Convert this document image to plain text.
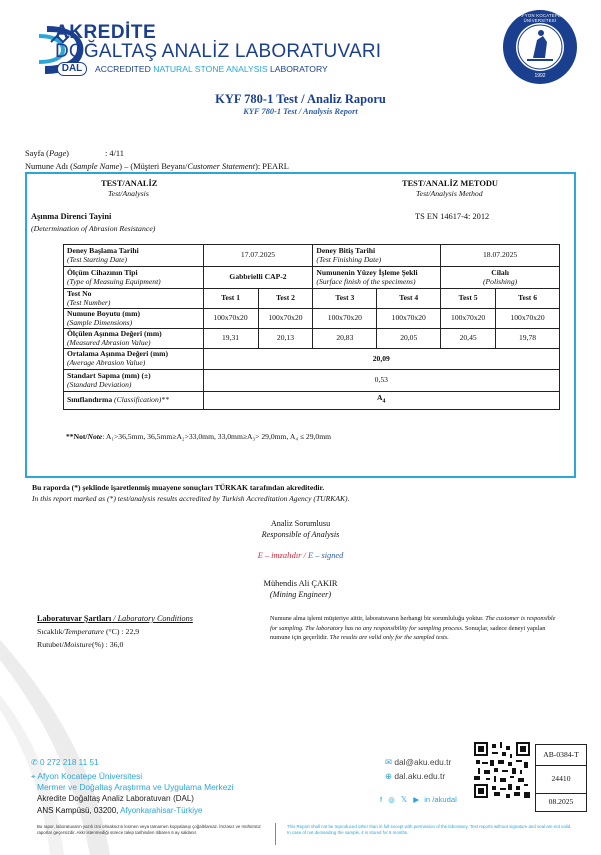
DAL
AKREDİTE
DOĞALTAŞ ANALİZ LABORATUVARI
ACCREDITED NATURAL STONE ANALYSIS LABORATORY
AFYON KOCATEPE ÜNİVERSİTESİ
1992
KYF 780-1 Test / Analiz Raporu
KYF 780-1 Test / Analysis Report
Sayfa (Page)	: 4/11
Numune Adı (Sample Name) – (Müşteri Beyanı/Customer Statement): PEARL
TEST/ANALİZ
Test/Analysis
TEST/ANALİZ METODU
Test/Analysis Method
Aşınma Direnci Tayini
(Determination of Abrasion Resistance)
TS EN 14617-4: 2012
Deney Başlama Tarihi
(Test Starting Date)	17.07.2025		Deney Bitiş Tarihi
(Test Finishing Date)		18.07.2025	
Ölçüm Cihazının Tipi
(Type of Measuing Equipment)	Gabbrielli CAP-2		Numunenin Yüzey İşleme Şekli
(Surface finish of the specimens)		Cilalı
(Polishing)	
Test No
(Test Number)	Test 1	Test 2	Test 3	Test 4	Test 5	Test 6
Numune Boyutu (mm)
(Sample Dimensions)	100x70x20	100x70x20	100x70x20	100x70x20	100x70x20	100x70x20
Ölçülen Aşınma Değeri (mm)
(Measured Abrasion Value)	19,31	20,13	20,83	20,05	20,45	19,78
Ortalama Aşınma Değeri (mm)
(Average Abrasion Value)	20,09					
Standart Sapma (mm) (±)
(Standard Deviation)	0,53					
Sınıflandırma (Classification)**	$A_4$
**Not/Note: A₁>36,5mm, 36,5mm≥A₂>33,0mm, 33,0mm≥A₃> 29,0mm, A₄ ≤ 29,0mm
Bu raporda (*) şeklinde işaretlenmiş muayene sonuçları TÜRKAK tarafından akreditedir.
In this report marked as (*) test/analysis results accredited by Turkish Accreditation Agency (TURKAK).
Analiz Sorumlusu
Responsible of Analysis
E – imzalıdır / E – signed
Mühendis Ali ÇAKIR
(Mining Engineer)
Laboratuvar Şartları / Laboratory Conditions
Sıcaklık/Temperature (°C) : 22,9
Rutubet/Moisture (%) : 36,0
Numune alma işlemi müşteriye aittir, laboratuvarın herhangi bir sorumluluğu yoktur. The customer is responsible for sampling. The laboratory has no any responsibility for sampling process. Sonuçlar, sadece deneyi yapılan numune için geçerlidir. The results are valid only for the sampled tests.
✆ 0 272 218 11 51
⌖ Afyon Kocatepe Üniversitesi
Mermer ve Doğaltaş Araştırma ve Uygulama Merkezi
Akredite Doğaltaş Analiz Laboratuvarı (DAL)
ANS Kampüsü, 03200, Afyonkarahisar-Türkiye
✉ dal@aku.edu.tr
⊕ dal.aku.edu.tr
f ◎ 𝕏 ▶ in /akudal
AB-0384-T
24410
08.2025
Bu rapor, laboratuvarın yazılı izni olmaksızın kısmen veya tamamen kopyalanıp çoğaltılamaz. İmzasız ve mühürsüz raporlar geçersizdir. Akkr istenmediği sürece talep tarihinden itibaren 6 ay saklanır.
This Report shall not be reproduced other than in full except with permission of the laboratory. Test reports without signature and seal are not valid. In case of not demanding the sample, it is stored for 6 months.
